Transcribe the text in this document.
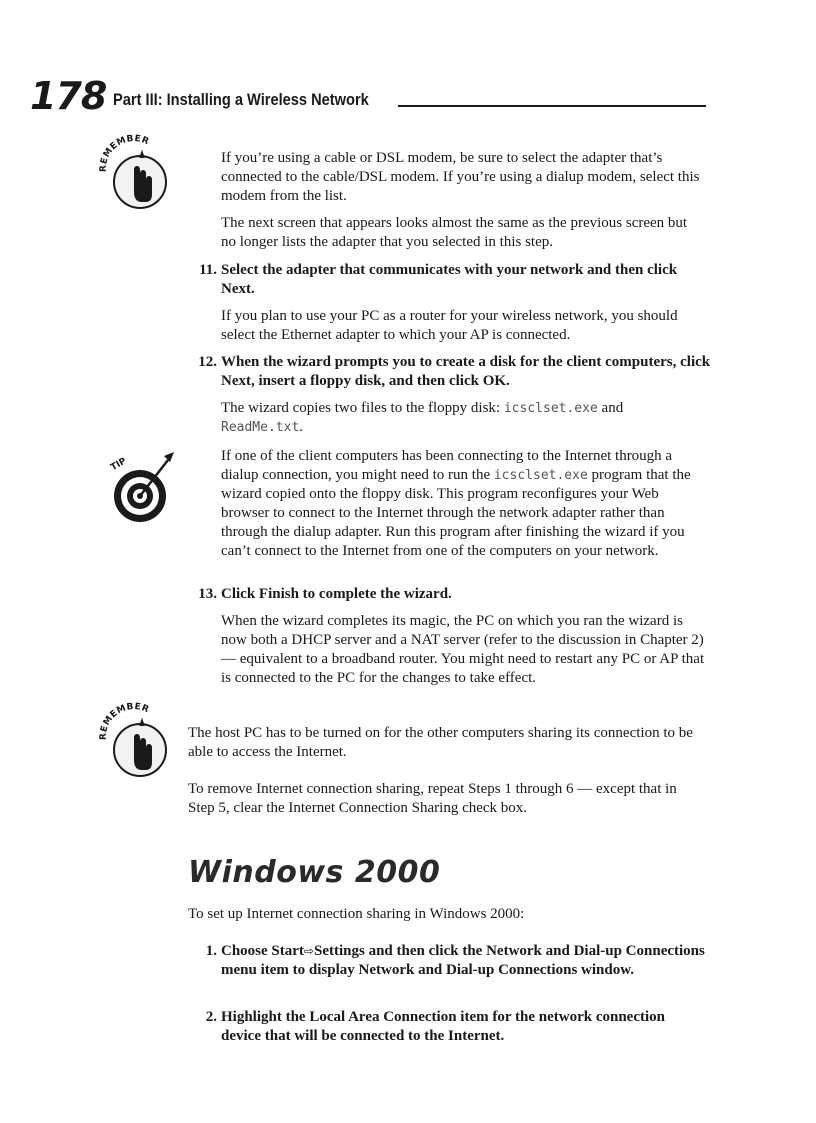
178 Part III: Installing a Wireless Network
REMEMBER

If you’re using a cable or DSL modem, be sure to select the adapter that’s connected to the cable/DSL modem. If you’re using a dialup modem, select this modem from the list.

The next screen that appears looks almost the same as the previous screen but no longer lists the adapter that you selected in this step.

11. Select the adapter that communicates with your network and then click Next.

If you plan to use your PC as a router for your wireless network, you should select the Ethernet adapter to which your AP is connected.

12. When the wizard prompts you to create a disk for the client computers, click Next, insert a floppy disk, and then click OK.

The wizard copies two files to the floppy disk: icsclset.exe and
ReadMe.txt.

TIP

If one of the client computers has been connecting to the Internet through a dialup connection, you might need to run the icsclset.exe program that the wizard copied onto the floppy disk. This program reconfigures your Web browser to connect to the Internet through the network adapter rather than through the dialup adapter. Run this program after finishing the wizard if you can’t connect to the Internet from one of the computers on your network.

13. Click Finish to complete the wizard.

When the wizard completes its magic, the PC on which you ran the wizard is now both a DHCP server and a NAT server (refer to the discussion in Chapter 2) — equivalent to a broadband router. You might need to restart any PC or AP that is connected to the PC for the changes to take effect.

REMEMBER

The host PC has to be turned on for the other computers sharing its connection to be able to access the Internet.

To remove Internet connection sharing, repeat Steps 1 through 6 — except that in Step 5, clear the Internet Connection Sharing check box.

Windows 2000

To set up Internet connection sharing in Windows 2000:

1. Choose Start⇨Settings and then click the Network and Dial-up Connections menu item to display Network and Dial-up Connections window.
2. Highlight the Local Area Connection item for the network connection device that will be connected to the Internet.
